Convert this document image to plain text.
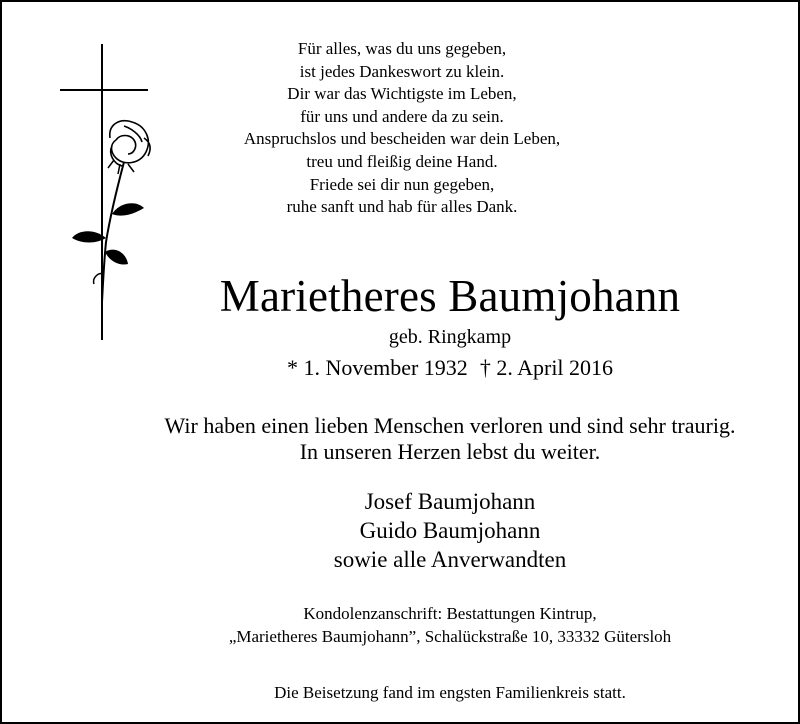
Für alles, was du uns gegeben,
ist jedes Dankeswort zu klein.
Dir war das Wichtigste im Leben,
für uns und andere da zu sein.
Anspruchslos und bescheiden war dein Leben,
treu und fleißig deine Hand.
Friede sei dir nun gegeben,
ruhe sanft und hab für alles Dank.
Marietheres Baumjohann
geb. Ringkamp
* 1. November 1932 † 2. April 2016
Wir haben einen lieben Menschen verloren und sind sehr traurig.
In unseren Herzen lebst du weiter.
Josef Baumjohann
Guido Baumjohann
sowie alle Anverwandten
Kondolenzanschrift: Bestattungen Kintrup,
„Marietheres Baumjohann”, Schalückstraße 10, 33332 Gütersloh
Die Beisetzung fand im engsten Familienkreis statt.
